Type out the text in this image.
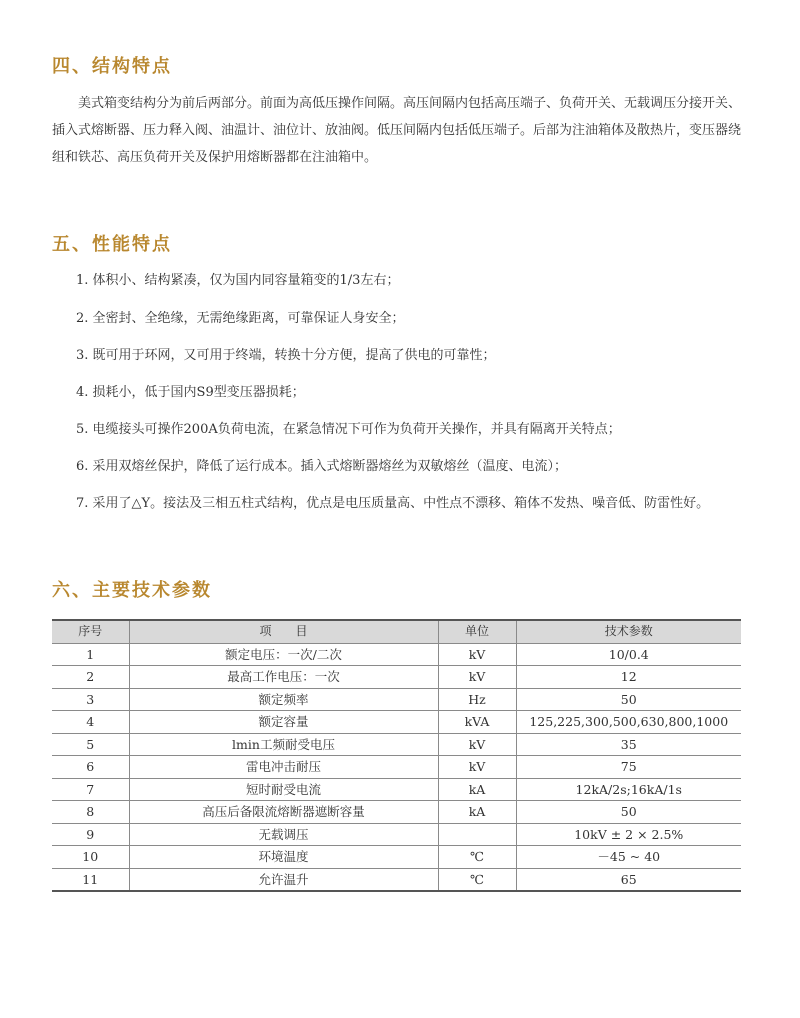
四、结构特点

美式箱变结构分为前后两部分。前面为高低压操作间隔。高压间隔内包括高压端子、负荷开关、无载调压分接开关、插入式熔断器、压力释入阀、油温计、油位计、放油阀。低压间隔内包括低压端子。后部为注油箱体及散热片，变压器绕组和铁芯、高压负荷开关及保护用熔断器都在注油箱中。

五、性能特点

1. 体积小、结构紧凑，仅为国内同容量箱变的1/3左右；

2. 全密封、全绝缘，无需绝缘距离，可靠保证人身安全；

3. 既可用于环网，又可用于终端，转换十分方便，提高了供电的可靠性；

4. 损耗小，低于国内S9型变压器损耗；

5. 电缆接头可操作200A负荷电流，在紧急情况下可作为负荷开关操作，并具有隔离开关特点；

6. 采用双熔丝保护，降低了运行成本。插入式熔断器熔丝为双敏熔丝（温度、电流）；

7. 采用了△Y。接法及三相五柱式结构，优点是电压质量高、中性点不漂移、箱体不发热、噪音低、防雷性好。

六、主要技术参数
序号	项　　目	单位	技术参数
1	额定电压：一次/二次	kV	10/0.4
2	最高工作电压：一次	kV	12
3	额定频率	Hz	50
4	额定容量	kVA	125,225,300,500,630,800,1000
5	lmin工频耐受电压	kV	35
6	雷电冲击耐压	kV	75
7	短时耐受电流	kA	12kA/2s;16kA/1s
8	高压后备限流熔断器遮断容量	kA	50
9	无载调压		10kV ± 2 × 2.5%
10	环境温度	℃	－45 ~ 40
11	允许温升	℃	65
